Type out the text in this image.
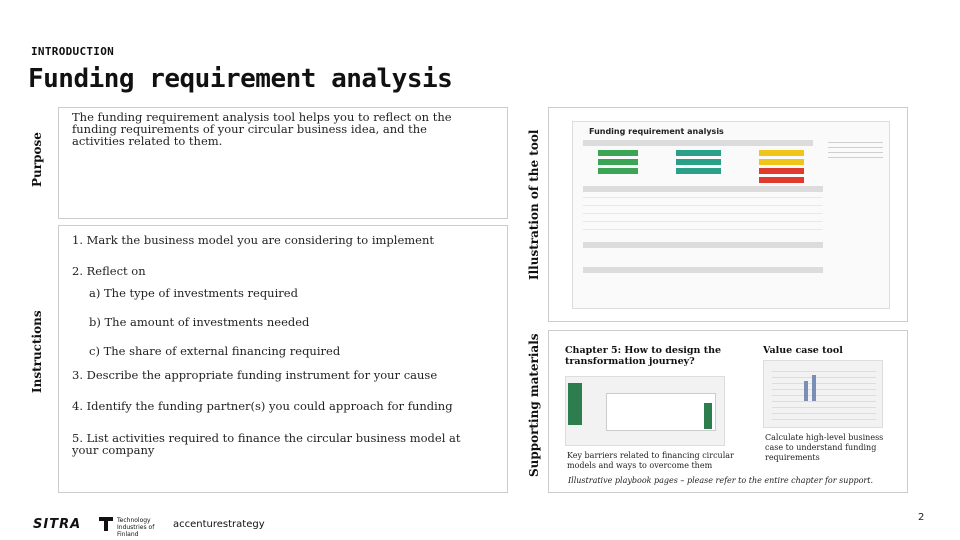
INTRODUCTION
Funding requirement analysis
Purpose
Instructions
Illustration of the tool
Supporting materials
The funding requirement analysis tool helps you to reflect on the funding requirements of your circular business idea, and the activities related to them.
1. Mark the business model you are considering to implement
2. Reflect on
a) The type of investments required
b) The amount of investments needed
c) The share of external financing required
3. Describe the appropriate funding instrument for your cause
4. Identify the funding partner(s) you could approach for funding
5. List activities required to finance the circular business model at your company
Funding requirement analysis
Chapter 5: How to design the transformation journey?
Key barriers related to financing circular models and ways to overcome them
Value case tool
Calculate high-level business case to understand funding requirements
Illustrative playbook pages – please refer to the entire chapter for support.
SITRA	Technology Industries of Finland
accenturestrategy
2
